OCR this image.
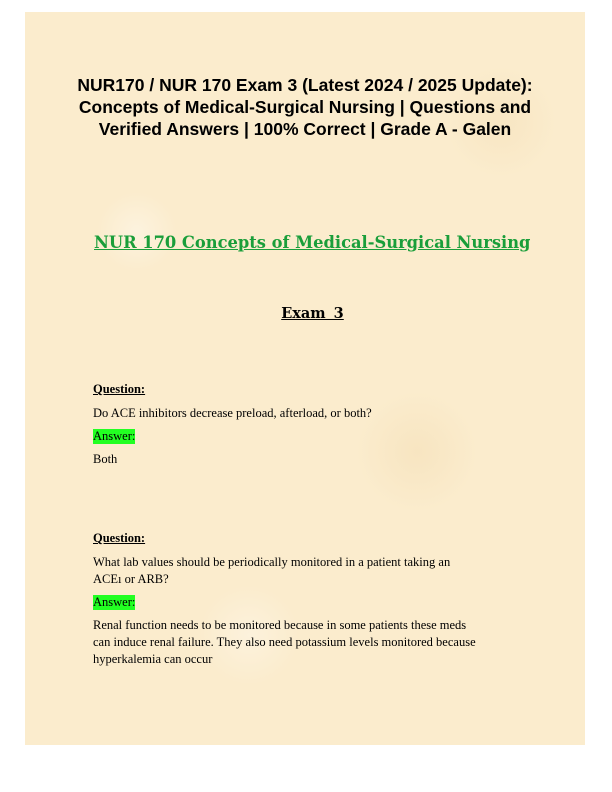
NUR170 / NUR 170 Exam 3 (Latest 2024 / 2025 Update):
Concepts of Medical-Surgical Nursing | Questions and
Verified Answers | 100% Correct | Grade A - Galen
NUR 170 Concepts of Medical-Surgical Nursing
Exam 3
Question:
Do ACE inhibitors decrease preload, afterload, or both?
Answer:
Both
Question:
What lab values should be periodically monitored in a patient taking an
ACEı or ARB?
Answer:
Renal function needs to be monitored because in some patients these meds
can induce renal failure. They also need potassium levels monitored because
hyperkalemia can occur
